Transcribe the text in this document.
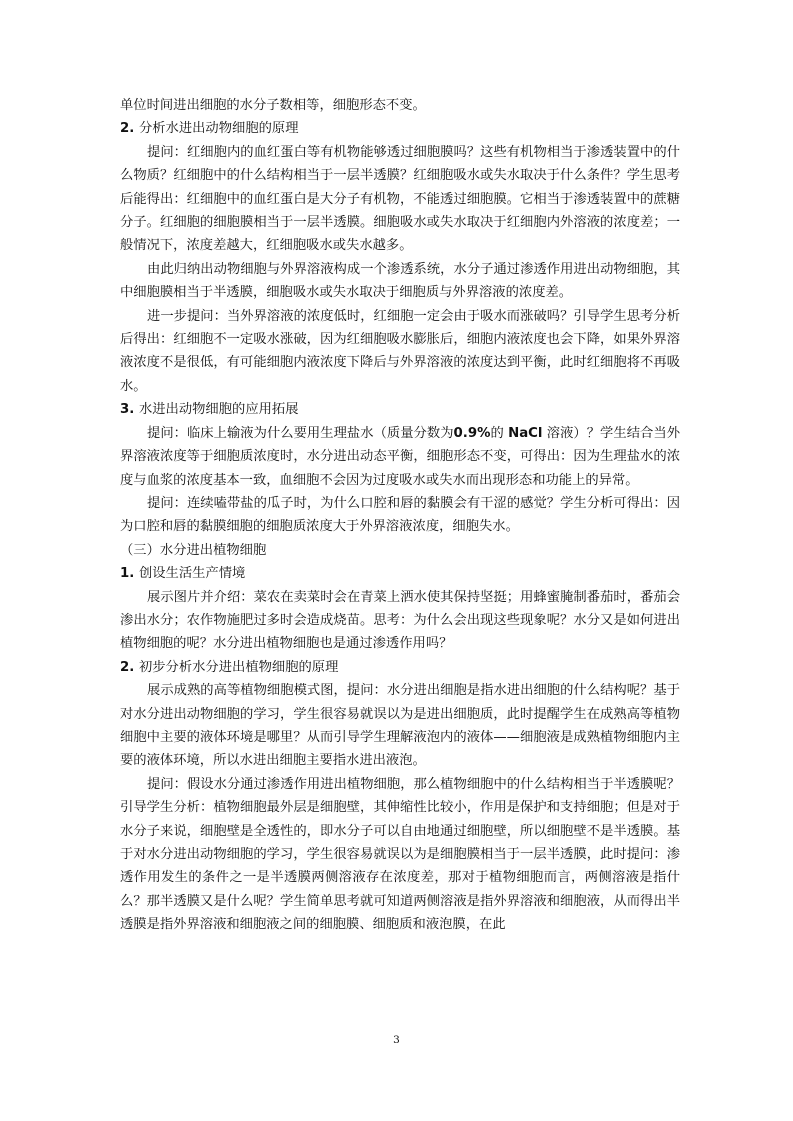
单位时间进出细胞的水分子数相等，细胞形态不变。

2. 分析水进出动物细胞的原理

提问：红细胞内的血红蛋白等有机物能够透过细胞膜吗？这些有机物相当于渗透装置中的什么物质？红细胞中的什么结构相当于一层半透膜？红细胞吸水或失水取决于什么条件？学生思考后能得出：红细胞中的血红蛋白是大分子有机物，不能透过细胞膜。它相当于渗透装置中的蔗糖分子。红细胞的细胞膜相当于一层半透膜。细胞吸水或失水取决于红细胞内外溶液的浓度差；一般情况下，浓度差越大，红细胞吸水或失水越多。

由此归纳出动物细胞与外界溶液构成一个渗透系统，水分子通过渗透作用进出动物细胞，其中细胞膜相当于半透膜，细胞吸水或失水取决于细胞质与外界溶液的浓度差。

进一步提问：当外界溶液的浓度低时，红细胞一定会由于吸水而涨破吗？引导学生思考分析后得出：红细胞不一定吸水涨破，因为红细胞吸水膨胀后，细胞内液浓度也会下降，如果外界溶液浓度不是很低，有可能细胞内液浓度下降后与外界溶液的浓度达到平衡，此时红细胞将不再吸水。

3. 水进出动物细胞的应用拓展

提问：临床上输液为什么要用生理盐水（质量分数为0.9%的 NaCl 溶液）？学生结合当外界溶液浓度等于细胞质浓度时，水分进出动态平衡，细胞形态不变，可得出：因为生理盐水的浓度与血浆的浓度基本一致，血细胞不会因为过度吸水或失水而出现形态和功能上的异常。

提问：连续嗑带盐的瓜子时，为什么口腔和唇的黏膜会有干涩的感觉？学生分析可得出：因为口腔和唇的黏膜细胞的细胞质浓度大于外界溶液浓度，细胞失水。

（三）水分进出植物细胞

1. 创设生活生产情境

展示图片并介绍：菜农在卖菜时会在青菜上洒水使其保持坚挺；用蜂蜜腌制番茄时，番茄会渗出水分；农作物施肥过多时会造成烧苗。思考：为什么会出现这些现象呢？水分又是如何进出植物细胞的呢？水分进出植物细胞也是通过渗透作用吗？

2. 初步分析水分进出植物细胞的原理

展示成熟的高等植物细胞模式图，提问：水分进出细胞是指水进出细胞的什么结构呢？基于对水分进出动物细胞的学习，学生很容易就误以为是进出细胞质，此时提醒学生在成熟高等植物细胞中主要的液体环境是哪里？从而引导学生理解液泡内的液体——细胞液是成熟植物细胞内主要的液体环境，所以水进出细胞主要指水进出液泡。

提问：假设水分通过渗透作用进出植物细胞，那么植物细胞中的什么结构相当于半透膜呢？引导学生分析：植物细胞最外层是细胞壁，其伸缩性比较小，作用是保护和支持细胞；但是对于水分子来说，细胞壁是全透性的，即水分子可以自由地通过细胞壁，所以细胞壁不是半透膜。基于对水分进出动物细胞的学习，学生很容易就误以为是细胞膜相当于一层半透膜，此时提问：渗透作用发生的条件之一是半透膜两侧溶液存在浓度差，那对于植物细胞而言，两侧溶液是指什么？那半透膜又是什么呢？学生简单思考就可知道两侧溶液是指外界溶液和细胞液，从而得出半透膜是指外界溶液和细胞液之间的细胞膜、细胞质和液泡膜，在此

3
